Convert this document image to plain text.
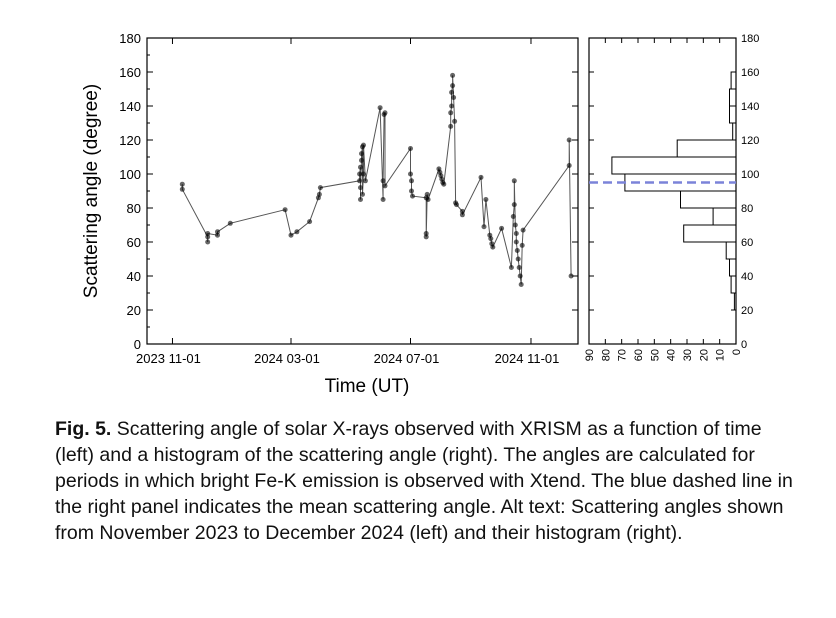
0
20
40
60
80
100
120
140
160
180
2023 11-01	2024 03-01	2024 07-01	2024 11-01
Scattering angle (degree)
Time (UT)
90 80 70 60 50 40 30 20 10 0
0
20
40
60
80
100
120
140
160
180
Fig. 5. Scattering angle of solar X-rays observed with XRISM as a function of time (left) and a histogram of the scattering angle (right). The angles are calculated for periods in which bright Fe-K emission is observed with Xtend. The blue dashed line in the right panel indicates the mean scattering angle. Alt text: Scattering angles shown from November 2023 to December 2024 (left) and their histogram (right).
